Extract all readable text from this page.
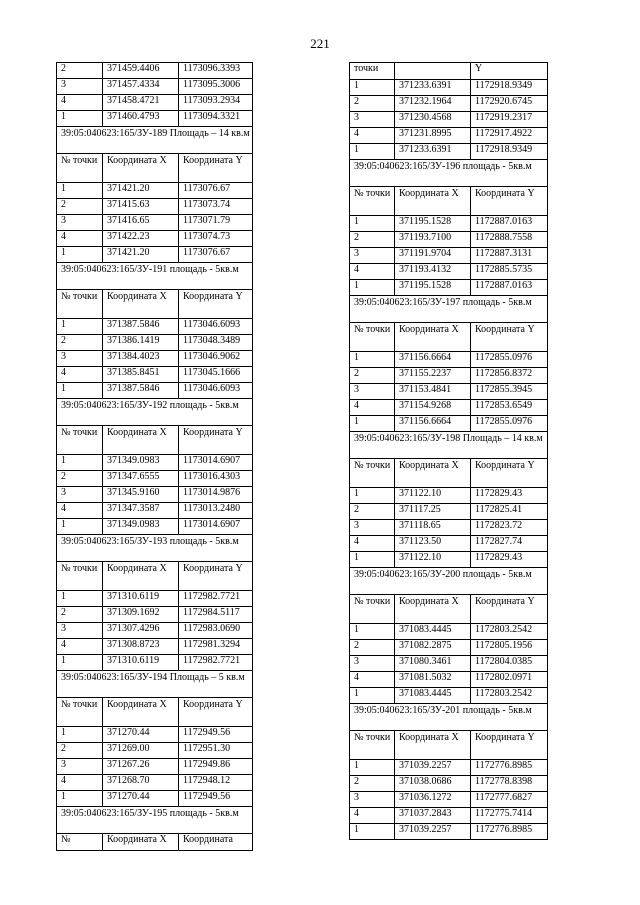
221
2	371459.4406	1173096.3393
3	371457.4334	1173095.3006
4	371458.4721	1173093.2934
1	371460.4793	1173094.3321
39:05:040623:165/ЗУ-189 Площадь – 14 кв.м		
№ точки	Координата X	Координата Y
1	371421.20	1173076.67
2	371415.63	1173073.74
3	371416.65	1173071.79
4	371422.23	1173074.73
1	371421.20	1173076.67
39:05:040623:165/ЗУ-191 площадь - 5кв.м		
№ точки	Координата X	Координата Y
1	371387.5846	1173046.6093
2	371386.1419	1173048.3489
3	371384.4023	1173046.9062
4	371385.8451	1173045.1666
1	371387.5846	1173046.6093
39:05:040623:165/ЗУ-192 площадь - 5кв.м		
№ точки	Координата X	Координата Y
1	371349.0983	1173014.6907
2	371347.6555	1173016.4303
3	371345.9160	1173014.9876
4	371347.3587	1173013.2480
1	371349.0983	1173014.6907
39:05:040623:165/ЗУ-193 площадь - 5кв.м		
№ точки	Координата X	Координата Y
1	371310.6119	1172982.7721
2	371309.1692	1172984.5117
3	371307.4296	1172983.0690
4	371308.8723	1172981.3294
1	371310.6119	1172982.7721
39:05:040623:165/ЗУ-194 Площадь – 5 кв.м		
№ точки	Координата X	Координата Y
1	371270.44	1172949.56
2	371269.00	1172951.30
3	371267.26	1172949.86
4	371268.70	1172948.12
1	371270.44	1172949.56
39:05:040623:165/ЗУ-195 площадь - 5кв.м		
№	Координата X	Координата
точки		Y
1	371233.6391	1172918.9349
2	371232.1964	1172920.6745
3	371230.4568	1172919.2317
4	371231.8995	1172917.4922
1	371233.6391	1172918.9349
39:05:040623:165/ЗУ-196 площадь - 5кв.м		
№ точки	Координата X	Координата Y
1	371195.1528	1172887.0163
2	371193.7100	1172888.7558
3	371191.9704	1172887.3131
4	371193.4132	1172885.5735
1	371195.1528	1172887.0163
39:05:040623:165/ЗУ-197 площадь - 5кв.м		
№ точки	Координата X	Координата Y
1	371156.6664	1172855.0976
2	371155.2237	1172856.8372
3	371153.4841	1172855.3945
4	371154.9268	1172853.6549
1	371156.6664	1172855.0976
39:05:040623:165/ЗУ-198 Площадь – 14 кв.м		
№ точки	Координата X	Координата Y
1	371122.10	1172829.43
2	371117.25	1172825.41
3	371118.65	1172823.72
4	371123.50	1172827.74
1	371122.10	1172829.43
39:05:040623:165/ЗУ-200 площадь - 5кв.м		
№ точки	Координата X	Координата Y
1	371083.4445	1172803.2542
2	371082.2875	1172805.1956
3	371080.3461	1172804.0385
4	371081.5032	1172802.0971
1	371083.4445	1172803.2542
39:05:040623:165/ЗУ-201 площадь - 5кв.м		
№ точки	Координата X	Координата Y
1	371039.2257	1172776.8985
2	371038.0686	1172778.8398
3	371036.1272	1172777.6827
4	371037.2843	1172775.7414
1	371039.2257	1172776.8985
